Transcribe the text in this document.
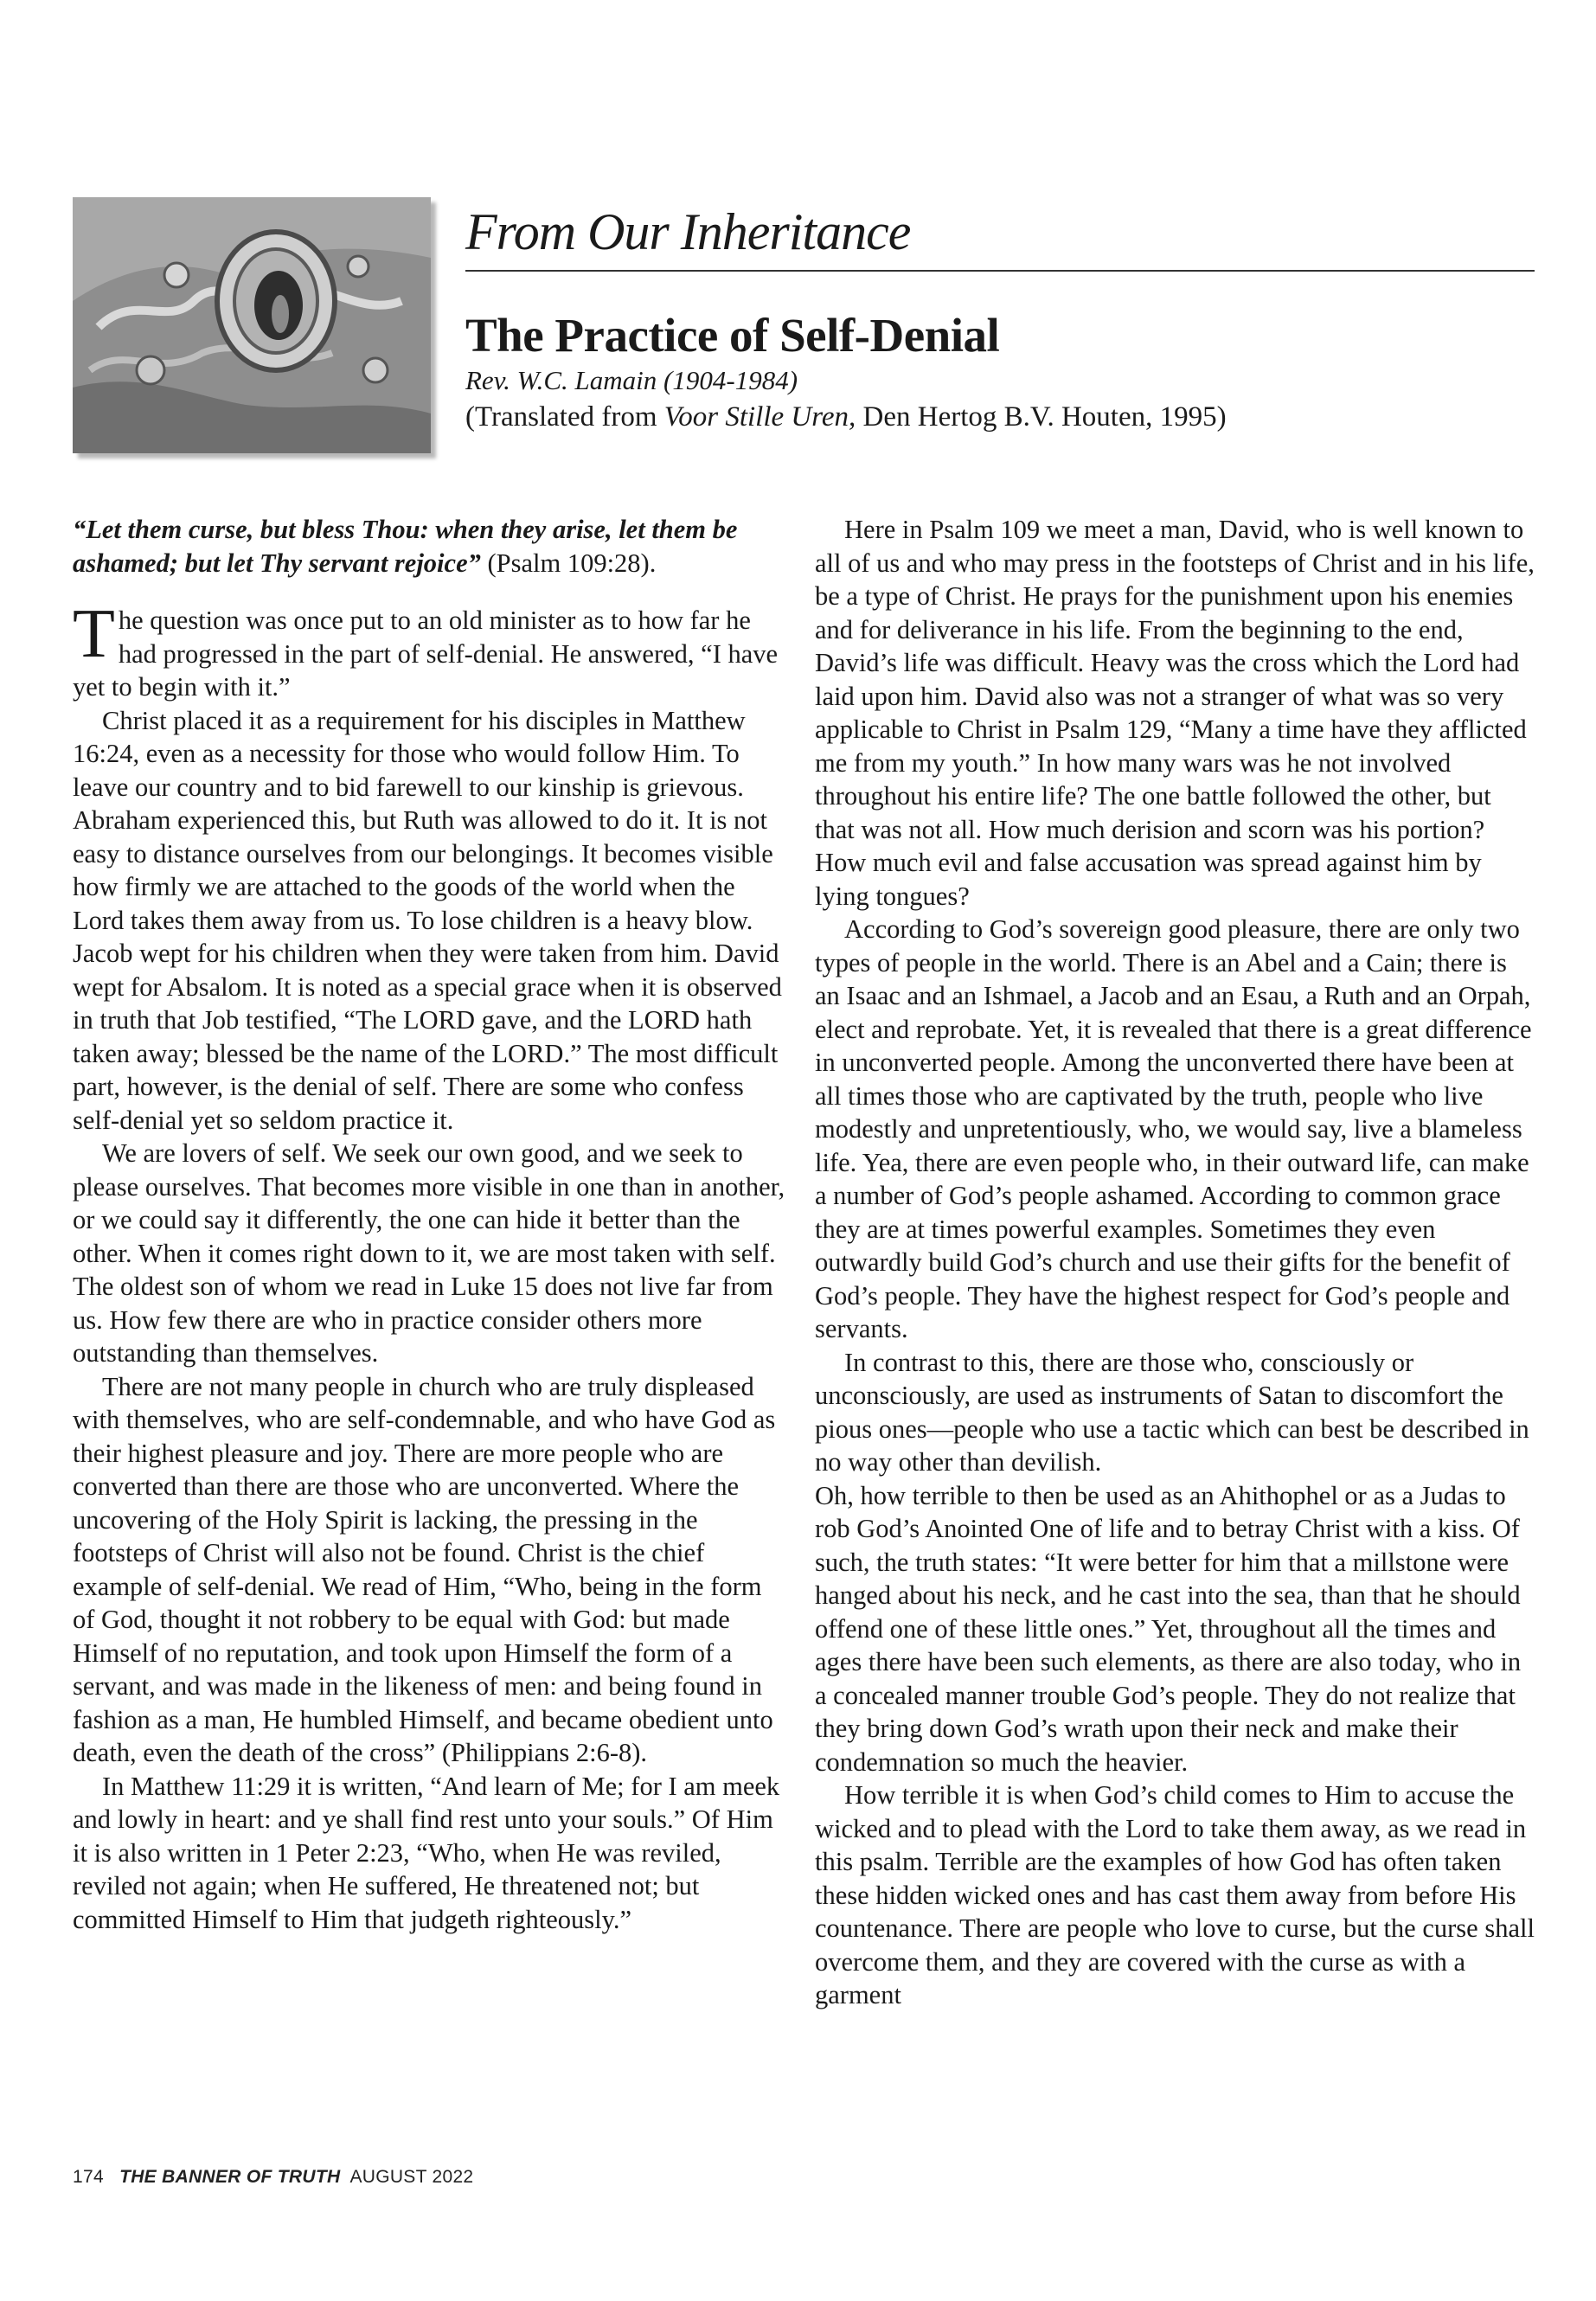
From Our Inheritance
The Practice of Self-Denial
Rev. W.C. Lamain (1904-1984)
(Translated from Voor Stille Uren, Den Hertog B.V. Houten, 1995)

“Let them curse, but bless Thou: when they arise, let them be ashamed; but let Thy servant rejoice” (Psalm 109:28).

The question was once put to an old minister as to how far he had progressed in the part of self-denial. He answered, “I have yet to begin with it.”

Christ placed it as a requirement for his disciples in Matthew 16:24, even as a necessity for those who would follow Him. To leave our country and to bid farewell to our kinship is grievous. Abraham experienced this, but Ruth was allowed to do it. It is not easy to distance ourselves from our belongings. It becomes visible how firmly we are attached to the goods of the world when the Lord takes them away from us. To lose children is a heavy blow. Jacob wept for his children when they were taken from him. David wept for Absalom. It is noted as a special grace when it is observed in truth that Job testified, “The LORD gave, and the LORD hath taken away; blessed be the name of the LORD.” The most difficult part, however, is the denial of self. There are some who confess self-denial yet so seldom practice it.

We are lovers of self. We seek our own good, and we seek to please ourselves. That becomes more visible in one than in another, or we could say it differently, the one can hide it better than the other. When it comes right down to it, we are most taken with self. The oldest son of whom we read in Luke 15 does not live far from us. How few there are who in practice consider others more outstanding than themselves.

There are not many people in church who are truly displeased with themselves, who are self-condemnable, and who have God as their highest pleasure and joy. There are more people who are converted than there are those who are unconverted. Where the uncovering of the Holy Spirit is lacking, the pressing in the footsteps of Christ will also not be found. Christ is the chief example of self-denial. We read of Him, “Who, being in the form of God, thought it not robbery to be equal with God: but made Himself of no reputation, and took upon Himself the form of a servant, and was made in the likeness of men: and being found in fashion as a man, He humbled Himself, and became obedient unto death, even the death of the cross” (Philippians 2:6-8).

In Matthew 11:29 it is written, “And learn of Me; for I am meek and lowly in heart: and ye shall find rest unto your souls.” Of Him it is also written in 1 Peter 2:23, “Who, when He was reviled, reviled not again; when He suffered, He threatened not; but committed Himself to Him that judgeth righteously.”

Here in Psalm 109 we meet a man, David, who is well known to all of us and who may press in the footsteps of Christ and in his life, be a type of Christ. He prays for the punishment upon his enemies and for deliverance in his life. From the beginning to the end, David’s life was difficult. Heavy was the cross which the Lord had laid upon him. David also was not a stranger of what was so very applicable to Christ in Psalm 129, “Many a time have they afflicted me from my youth.” In how many wars was he not involved throughout his entire life? The one battle followed the other, but that was not all. How much derision and scorn was his portion? How much evil and false accusation was spread against him by lying tongues?

According to God’s sovereign good pleasure, there are only two types of people in the world. There is an Abel and a Cain; there is an Isaac and an Ishmael, a Jacob and an Esau, a Ruth and an Orpah, elect and reprobate. Yet, it is revealed that there is a great difference in unconverted people. Among the unconverted there have been at all times those who are captivated by the truth, people who live modestly and unpretentiously, who, we would say, live a blameless life. Yea, there are even people who, in their outward life, can make a number of God’s people ashamed. According to common grace they are at times powerful examples. Sometimes they even outwardly build God’s church and use their gifts for the benefit of God’s people. They have the highest respect for God’s people and servants.

In contrast to this, there are those who, consciously or unconsciously, are used as instruments of Satan to discomfort the pious ones—people who use a tactic which can best be described in no way other than devilish.

Oh, how terrible to then be used as an Ahithophel or as a Judas to rob God’s Anointed One of life and to betray Christ with a kiss. Of such, the truth states: “It were better for him that a millstone were hanged about his neck, and he cast into the sea, than that he should offend one of these little ones.” Yet, throughout all the times and ages there have been such elements, as there are also today, who in a concealed manner trouble God’s people. They do not realize that they bring down God’s wrath upon their neck and make their condemnation so much the heavier.

How terrible it is when God’s child comes to Him to accuse the wicked and to plead with the Lord to take them away, as we read in this psalm. Terrible are the examples of how God has often taken these hidden wicked ones and has cast them away from before His countenance. There are people who love to curse, but the curse shall overcome them, and they are covered with the curse as with a garment

174 THE BANNER OF TRUTH AUGUST 2022
